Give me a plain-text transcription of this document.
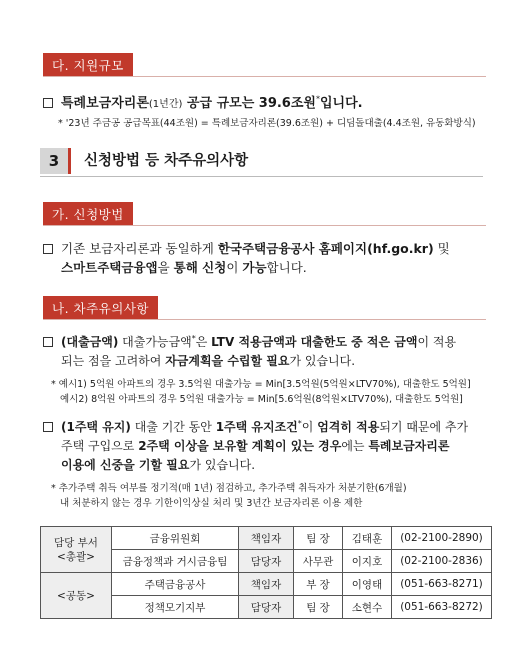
다. 지원규모
특례보금자리론(1년간) 공급 규모는 39.6조원*입니다.
* '23년 주금공 공급목표(44조원) = 특례보금자리론(39.6조원) + 디딤돌대출(4.4조원, 유동화방식)
3	신청방법 등 차주유의사항
가. 신청방법
기존 보금자리론과 동일하게 한국주택금융공사 홈페이지(hf.go.kr) 및
스마트주택금융앱을 통해 신청이 가능합니다.
나. 차주유의사항
(대출금액) 대출가능금액*은 LTV 적용금액과 대출한도 중 적은 금액이 적용
되는 점을 고려하여 자금계획을 수립할 필요가 있습니다.
* 예시1) 5억원 아파트의 경우 3.5억원 대출가능 = Min[3.5억원(5억원×LTV70%), 대출한도 5억원]
예시2) 8억원 아파트의 경우 5억원 대출가능 = Min[5.6억원(8억원×LTV70%), 대출한도 5억원]
(1주택 유지) 대출 기간 동안 1주택 유지조건*이 엄격히 적용되기 때문에 추가
주택 구입으로 2주택 이상을 보유할 계획이 있는 경우에는 특례보금자리론
이용에 신중을 기할 필요가 있습니다.
* 추가주택 취득 여부를 정기적(매 1년) 점검하고, 추가주택 취득자가 처분기한(6개월)
내 처분하지 않는 경우 기한이익상실 처리 및 3년간 보금자리론 이용 제한
담당 부서
<총괄>	금융위원회	책임자	팀 장	김태훈	(02-2100-2890)
	금융정책과 거시금융팀	담당자	사무관	이지호	(02-2100-2836)
<공동>	주택금융공사	책임자	부 장	이영태	(051-663-8271)
	정책모기지부	담당자	팀 장	소현수	(051-663-8272)
